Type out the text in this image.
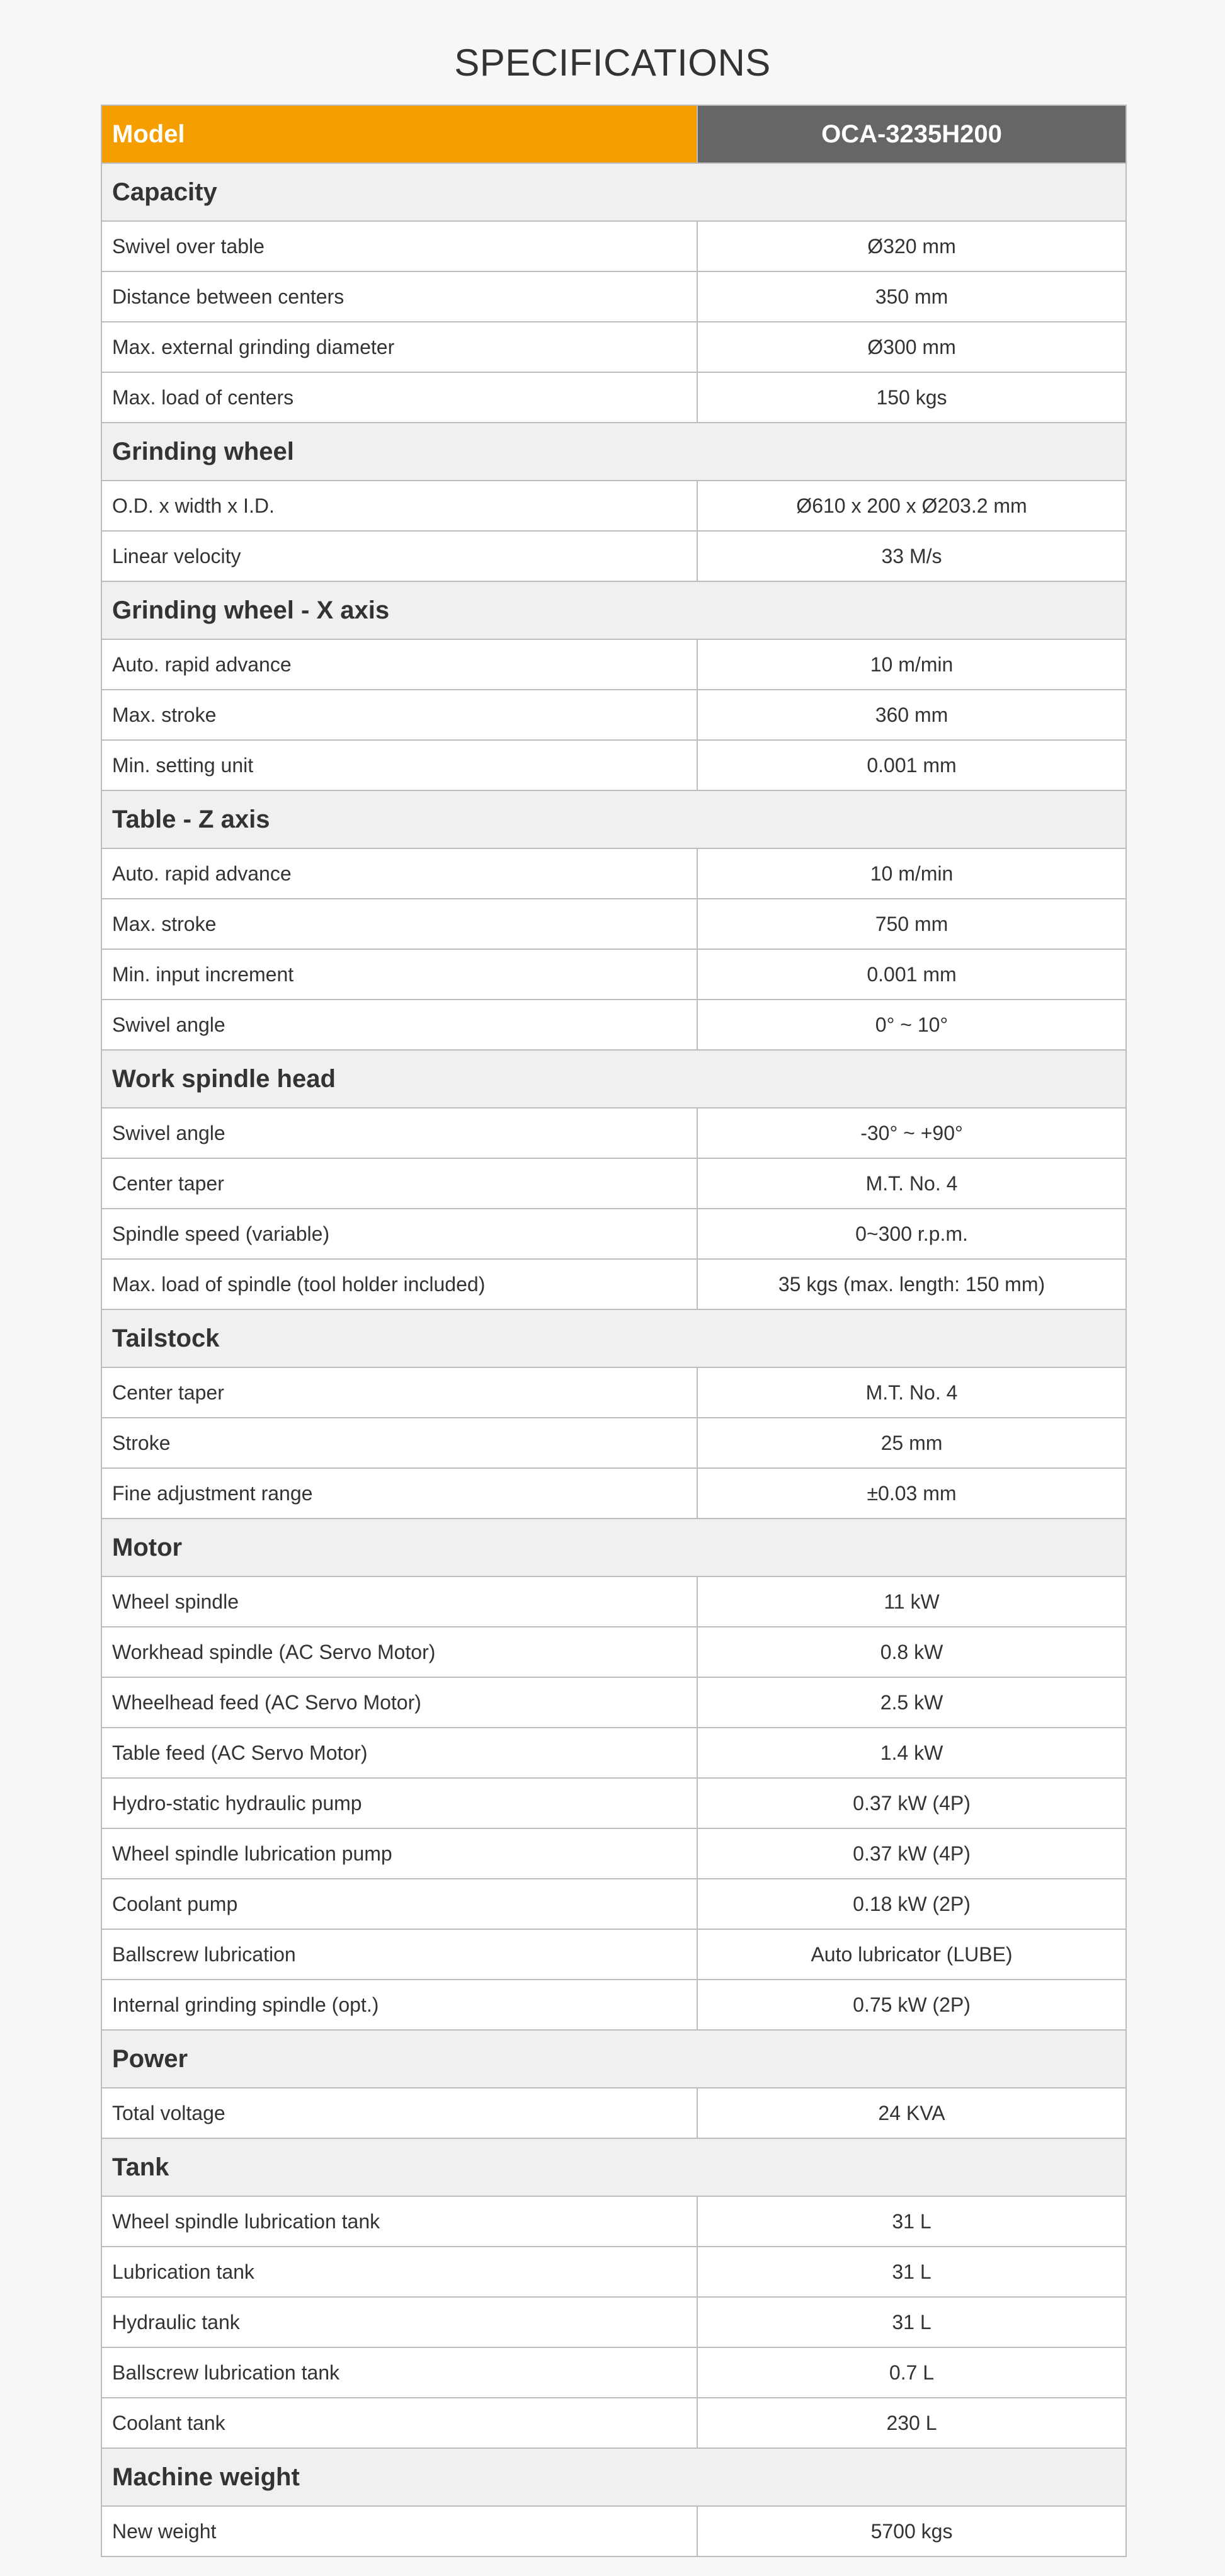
SPECIFICATIONS
Model	OCA-3235H200
Capacity	
Swivel over table	Ø320 mm
Distance between centers	350 mm
Max. external grinding diameter	Ø300 mm
Max. load of centers	150 kgs
Grinding wheel	
O.D. x width x I.D.	Ø610 x 200 x Ø203.2 mm
Linear velocity	33 M/s
Grinding wheel - X axis	
Auto. rapid advance	10 m/min
Max. stroke	360 mm
Min. setting unit	0.001 mm
Table - Z axis	
Auto. rapid advance	10 m/min
Max. stroke	750 mm
Min. input increment	0.001 mm
Swivel angle	0° ~ 10°
Work spindle head	
Swivel angle	-30° ~ +90°
Center taper	M.T. No. 4
Spindle speed (variable)	0~300 r.p.m.
Max. load of spindle (tool holder included)	35 kgs (max. length: 150 mm)
Tailstock	
Center taper	M.T. No. 4
Stroke	25 mm
Fine adjustment range	±0.03 mm
Motor	
Wheel spindle	11 kW
Workhead spindle (AC Servo Motor)	0.8 kW
Wheelhead feed (AC Servo Motor)	2.5 kW
Table feed (AC Servo Motor)	1.4 kW
Hydro-static hydraulic pump	0.37 kW (4P)
Wheel spindle lubrication pump	0.37 kW (4P)
Coolant pump	0.18 kW (2P)
Ballscrew lubrication	Auto lubricator (LUBE)
Internal grinding spindle (opt.)	0.75 kW (2P)
Power	
Total voltage	24 KVA
Tank	
Wheel spindle lubrication tank	31 L
Lubrication tank	31 L
Hydraulic tank	31 L
Ballscrew lubrication tank	0.7 L
Coolant tank	230 L
Machine weight	
New weight	5700 kgs
